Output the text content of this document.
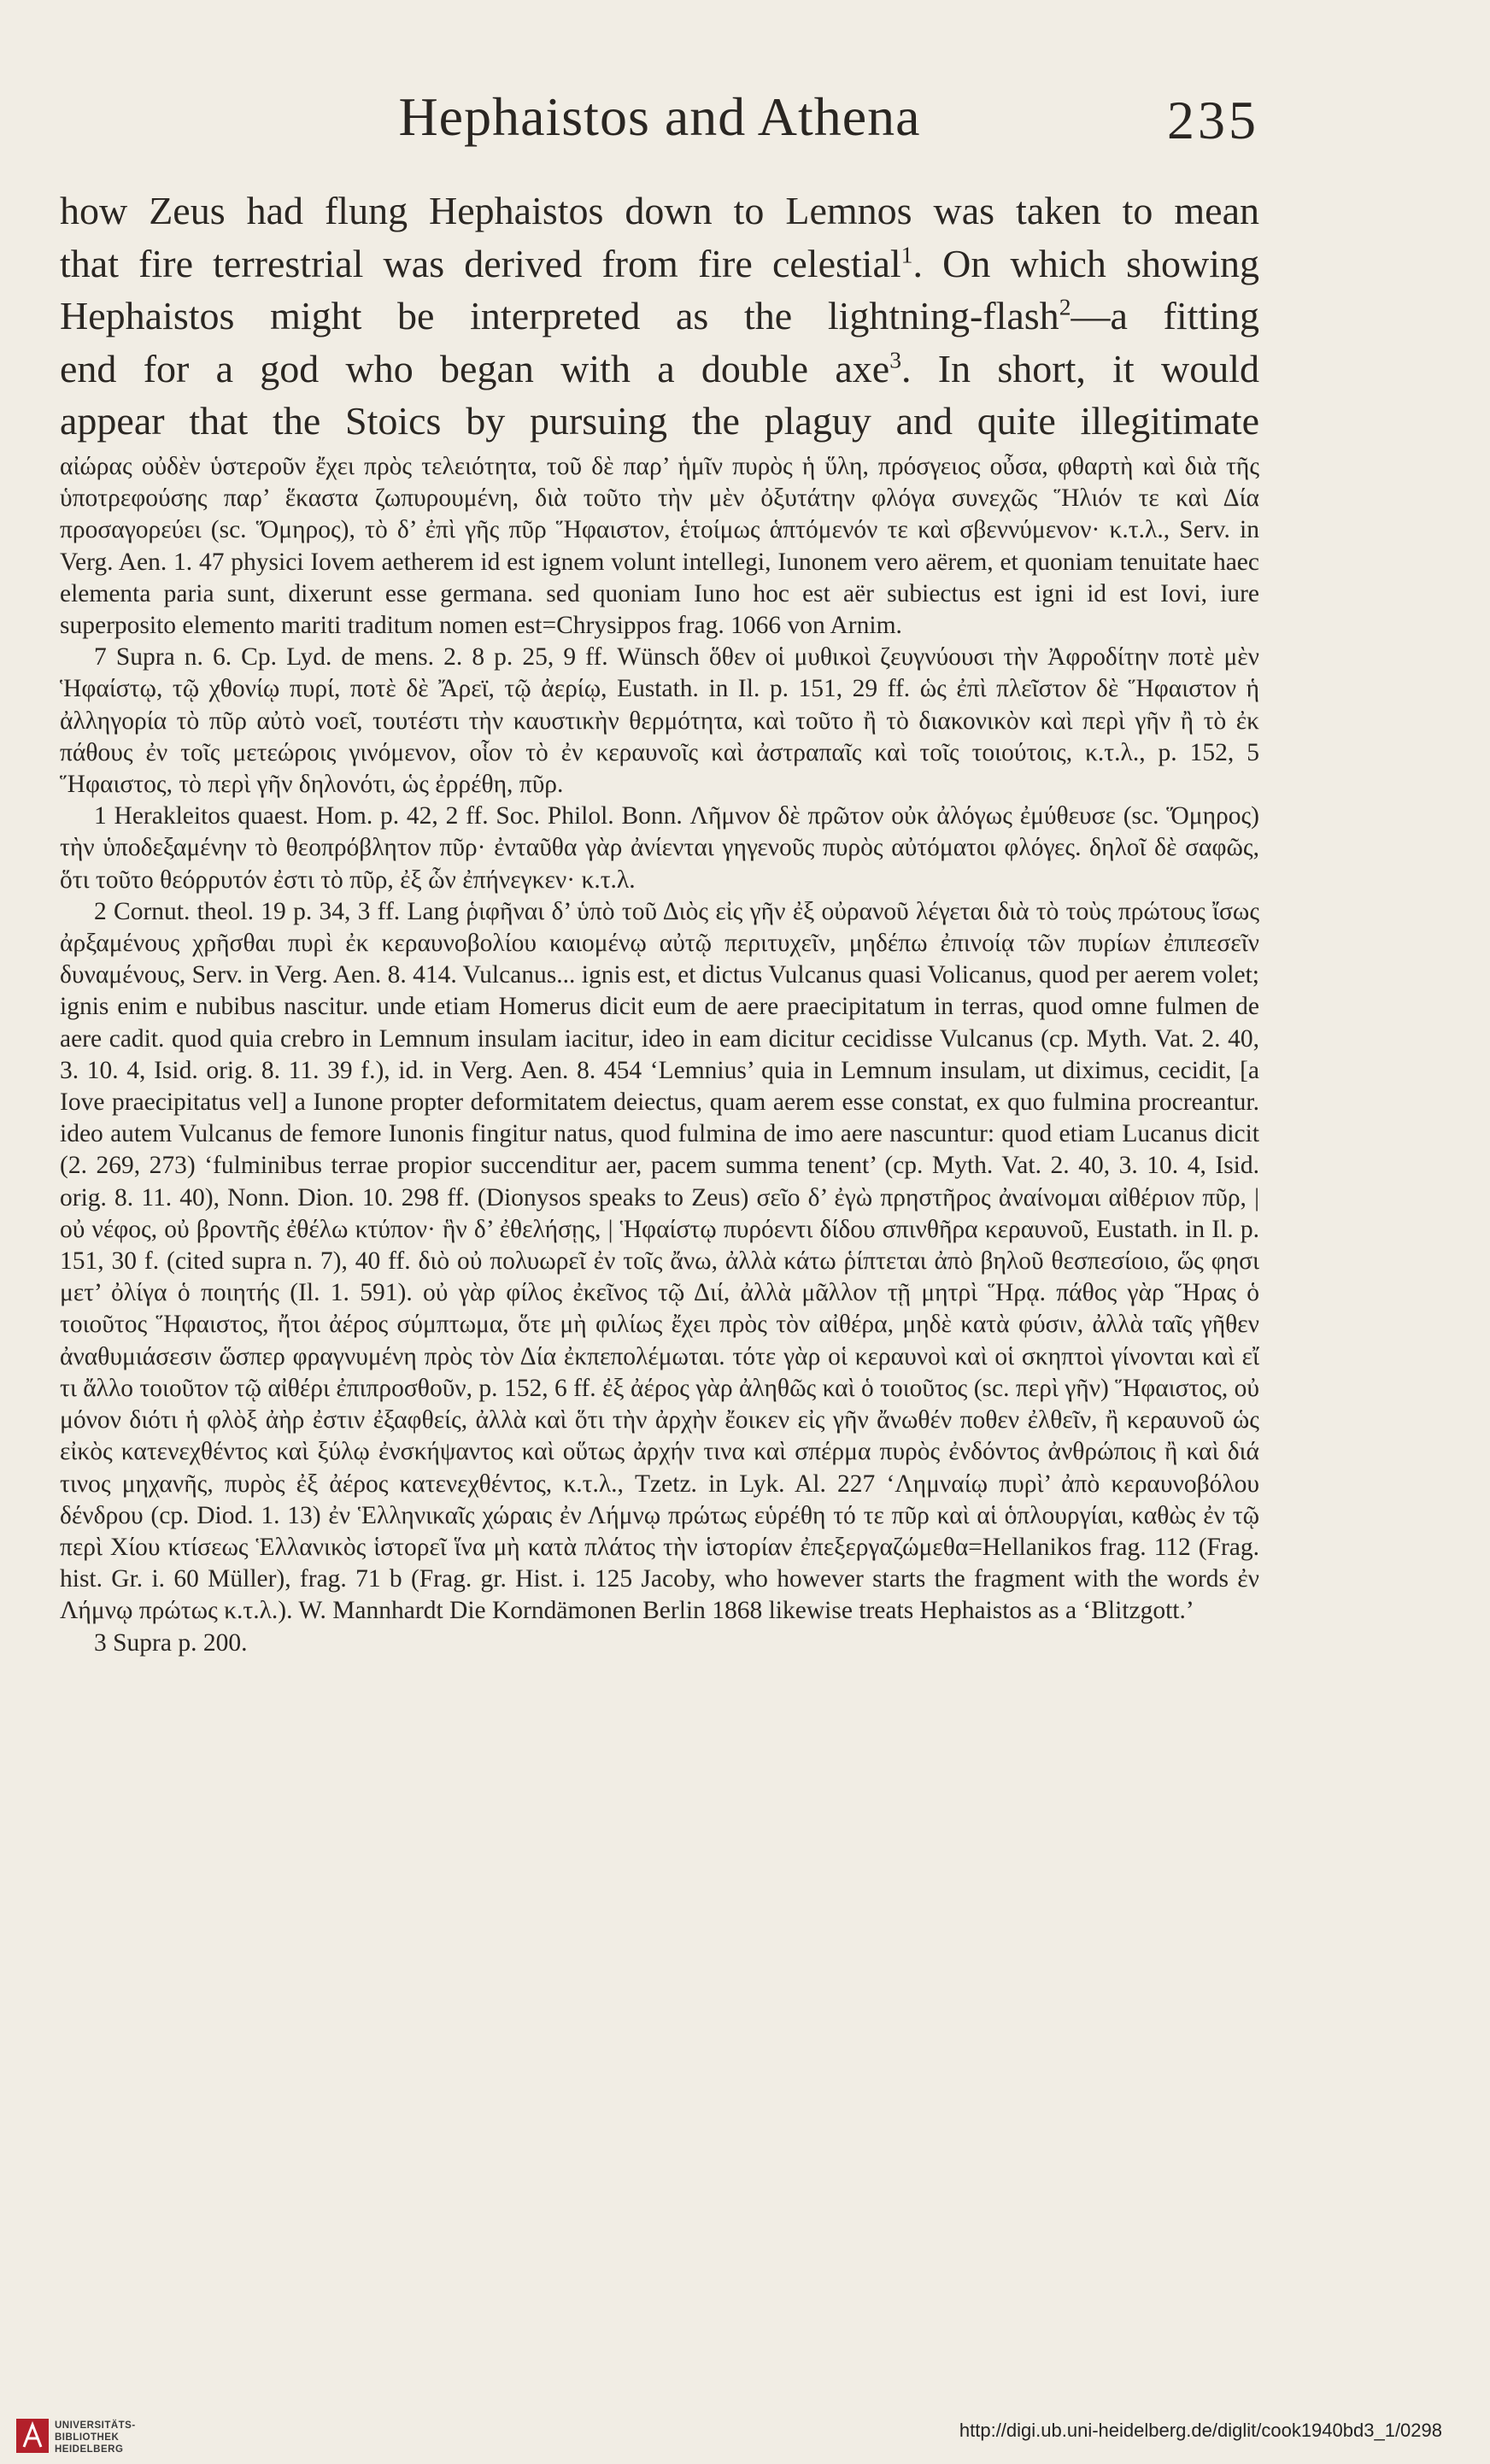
Hephaistos and Athena	235

how Zeus had flung Hephaistos down to Lemnos was taken to mean

that fire terrestrial was derived from fire celestial$^1$. On which showing

Hephaistos might be interpreted as the lightning-flash$^2$—a fitting

end for a god who began with a double axe$^3$. In short, it would

appear that the Stoics by pursuing the plaguy and quite illegitimate

αἰώρας οὐδὲν ὑστεροῦν ἔχει πρὸς τελειότητα, τοῦ δὲ παρ’ ἡμῖν πυρὸς ἡ ὕλη, πρόσγειος οὖσα, φθαρτὴ καὶ διὰ τῆς ὑποτρεφούσης παρ’ ἕκαστα ζωπυρουμένη, διὰ τοῦτο τὴν μὲν ὀξυτάτην φλόγα συνεχῶς Ἥλιόν τε καὶ Δία προσαγορεύει (sc. Ὅμηρος), τὸ δ’ ἐπὶ γῆς πῦρ Ἥφαιστον, ἑτοίμως ἁπτόμενόν τε καὶ σβεννύμενον· κ.τ.λ., Serv. in Verg. Aen. 1. 47 physici Iovem aetherem id est ignem volunt intellegi, Iunonem vero aërem, et quoniam tenuitate haec elementa paria sunt, dixerunt esse germana. sed quoniam Iuno hoc est aër subiectus est igni id est Iovi, iure superposito elemento mariti traditum nomen est=Chrysippos frag. 1066 von Arnim.

7 Supra n. 6. Cp. Lyd. de mens. 2. 8 p. 25, 9 ff. Wünsch ὅθεν οἱ μυθικοὶ ζευγνύουσι τὴν Ἀφροδίτην ποτὲ μὲν Ἡφαίστῳ, τῷ χθονίῳ πυρί, ποτὲ δὲ Ἄρεϊ, τῷ ἀερίῳ, Eustath. in Il. p. 151, 29 ff. ὡς ἐπὶ πλεῖστον δὲ Ἥφαιστον ἡ ἀλληγορία τὸ πῦρ αὐτὸ νοεῖ, τουτέστι τὴν καυστικὴν θερμότητα, καὶ τοῦτο ἢ τὸ διακονικὸν καὶ περὶ γῆν ἢ τὸ ἐκ πάθους ἐν τοῖς μετεώροις γινόμενον, οἷον τὸ ἐν κεραυνοῖς καὶ ἀστραπαῖς καὶ τοῖς τοιούτοις, κ.τ.λ., p. 152, 5 Ἥφαιστος, τὸ περὶ γῆν δηλονότι, ὡς ἐρρέθη, πῦρ.

1 Herakleitos quaest. Hom. p. 42, 2 ff. Soc. Philol. Bonn. Λῆμνον δὲ πρῶτον οὐκ ἀλόγως ἐμύθευσε (sc. Ὅμηρος) τὴν ὑποδεξαμένην τὸ θεοπρόβλητον πῦρ· ἐνταῦθα γὰρ ἀνίενται γηγενοῦς πυρὸς αὐτόματοι φλόγες. δηλοῖ δὲ σαφῶς, ὅτι τοῦτο θεόρρυτόν ἐστι τὸ πῦρ, ἐξ ὧν ἐπήνεγκεν· κ.τ.λ.

2 Cornut. theol. 19 p. 34, 3 ff. Lang ῥιφῆναι δ’ ὑπὸ τοῦ Διὸς εἰς γῆν ἐξ οὐρανοῦ λέγεται διὰ τὸ τοὺς πρώτους ἴσως ἀρξαμένους χρῆσθαι πυρὶ ἐκ κεραυνοβολίου καιομένῳ αὐτῷ περιτυχεῖν, μηδέπω ἐπινοίᾳ τῶν πυρίων ἐπιπεσεῖν δυναμένους, Serv. in Verg. Aen. 8. 414. Vulcanus... ignis est, et dictus Vulcanus quasi Volicanus, quod per aerem volet; ignis enim e nubibus nascitur. unde etiam Homerus dicit eum de aere praecipitatum in terras, quod omne fulmen de aere cadit. quod quia crebro in Lemnum insulam iacitur, ideo in eam dicitur cecidisse Vulcanus (cp. Myth. Vat. 2. 40, 3. 10. 4, Isid. orig. 8. 11. 39 f.), id. in Verg. Aen. 8. 454 ‘Lemnius’ quia in Lemnum insulam, ut diximus, cecidit, [a Iove praecipitatus vel] a Iunone propter deformitatem deiectus, quam aerem esse constat, ex quo fulmina procreantur. ideo autem Vulcanus de femore Iunonis fingitur natus, quod fulmina de imo aere nascuntur: quod etiam Lucanus dicit (2. 269, 273) ‘fulminibus terrae propior succenditur aer, pacem summa tenent’ (cp. Myth. Vat. 2. 40, 3. 10. 4, Isid. orig. 8. 11. 40), Nonn. Dion. 10. 298 ff. (Dionysos speaks to Zeus) σεῖο δ’ ἐγὼ πρηστῆρος ἀναίνομαι αἰθέριον πῦρ, | οὐ νέφος, οὐ βροντῆς ἐθέλω κτύπον· ἣν δ’ ἐθελήσῃς, | Ἡφαίστῳ πυρόεντι δίδου σπινθῆρα κεραυνοῦ, Eustath. in Il. p. 151, 30 f. (cited supra n. 7), 40 ff. διὸ οὐ πολυωρεῖ ἐν τοῖς ἄνω, ἀλλὰ κάτω ῥίπτεται ἀπὸ βηλοῦ θεσπεσίοιο, ὥς φησι μετ’ ὀλίγα ὁ ποιητής (Il. 1. 591). οὐ γὰρ φίλος ἐκεῖνος τῷ Διί, ἀλλὰ μᾶλλον τῇ μητρὶ Ἥρᾳ. πάθος γὰρ Ἥρας ὁ τοιοῦτος Ἥφαιστος, ἤτοι ἀέρος σύμπτωμα, ὅτε μὴ φιλίως ἔχει πρὸς τὸν αἰθέρα, μηδὲ κατὰ φύσιν, ἀλλὰ ταῖς γῆθεν ἀναθυμιάσεσιν ὥσπερ φραγνυμένη πρὸς τὸν Δία ἐκπεπολέμωται. τότε γὰρ οἱ κεραυνοὶ καὶ οἱ σκηπτοὶ γίνονται καὶ εἴ τι ἄλλο τοιοῦτον τῷ αἰθέρι ἐπιπροσθοῦν, p. 152, 6 ff. ἐξ ἀέρος γὰρ ἀληθῶς καὶ ὁ τοιοῦτος (sc. περὶ γῆν) Ἥφαιστος, οὐ μόνον διότι ἡ φλὸξ ἀὴρ ἐστιν ἐξαφθείς, ἀλλὰ καὶ ὅτι τὴν ἀρχὴν ἔοικεν εἰς γῆν ἄνωθέν ποθεν ἐλθεῖν, ἢ κεραυνοῦ ὡς εἰκὸς κατενεχθέντος καὶ ξύλῳ ἐνσκήψαντος καὶ οὕτως ἀρχήν τινα καὶ σπέρμα πυρὸς ἐνδόντος ἀνθρώποις ἢ καὶ διά τινος μηχανῆς, πυρὸς ἐξ ἀέρος κατενεχθέντος, κ.τ.λ., Tzetz. in Lyk. Al. 227 ‘Λημναίῳ πυρὶ’ ἀπὸ κεραυνοβόλου δένδρου (cp. Diod. 1. 13) ἐν Ἑλληνικαῖς χώραις ἐν Λήμνῳ πρώτως εὑρέθη τό τε πῦρ καὶ αἱ ὁπλουργίαι, καθὼς ἐν τῷ περὶ Χίου κτίσεως Ἑλλανικὸς ἱστορεῖ ἵνα μὴ κατὰ πλάτος τὴν ἱστορίαν ἐπεξεργαζώμεθα=Hellanikos frag. 112 (Frag. hist. Gr. i. 60 Müller), frag. 71 b (Frag. gr. Hist. i. 125 Jacoby, who however starts the fragment with the words ἐν Λήμνῳ πρώτως κ.τ.λ.). W. Mannhardt Die Korndämonen Berlin 1868 likewise treats Hephaistos as a ‘Blitzgott.’

3 Supra p. 200.

UNIVERSITÄTS-
BIBLIOTHEK
HEIDELBERG
http://digi.ub.uni-heidelberg.de/diglit/cook1940bd3_1/0298
